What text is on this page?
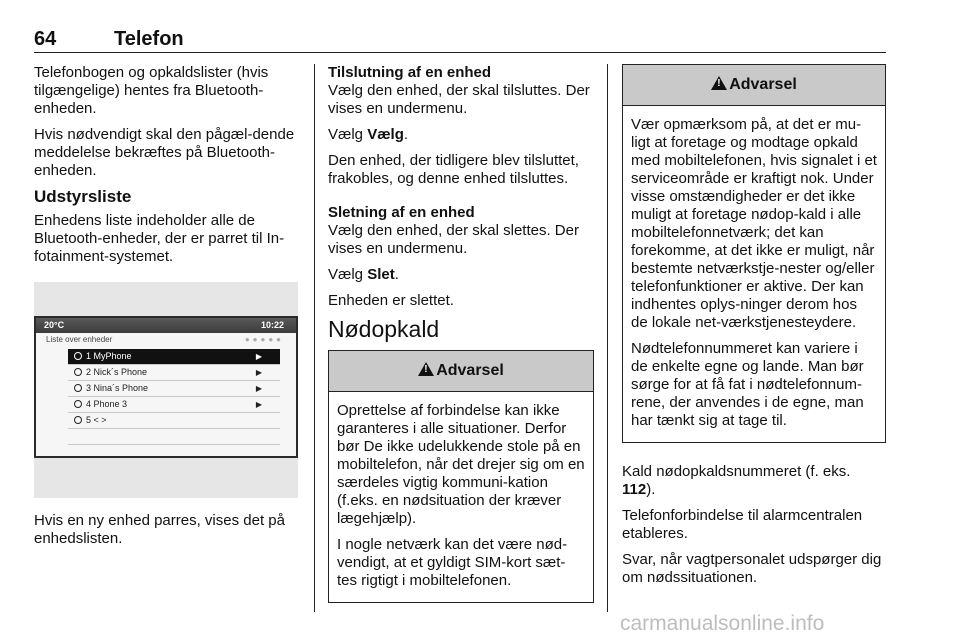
64	Telefon

Telefonbogen og opkaldslister (hvis tilgængelige) hentes fra Bluetooth-enheden.

Hvis nødvendigt skal den pågæl-dende meddelelse bekræftes på Bluetooth-enheden.

Udstyrsliste

Enhedens liste indeholder alle de Bluetooth-enheder, der er parret til In-fotainment-systemet.

20°C	10:22
Liste over enheder	●●●●●
1 MyPhone	▶
2 Nick´s Phone	▶
3 Nina´s Phone	▶
4 Phone 3	▶
5 < >

Hvis en ny enhed parres, vises det på enhedslisten.

Tilslutning af en enhed

Vælg den enhed, der skal tilsluttes. Der vises en undermenu.

Vælg Vælg.

Den enhed, der tidligere blev tilsluttet, frakobles, og denne enhed tilsluttes.

Sletning af en enhed

Vælg den enhed, der skal slettes. Der vises en undermenu.

Vælg Slet.

Enheden er slettet.

Nødopkald
!Advarsel

Oprettelse af forbindelse kan ikke garanteres i alle situationer. Derfor bør De ikke udelukkende stole på en mobiltelefon, når det drejer sig om en særdeles vigtig kommuni-kation (f.eks. en nødsituation der kræver lægehjælp).

I nogle netværk kan det være nød-vendigt, at et gyldigt SIM-kort sæt-tes rigtigt i mobiltelefonen.

!Advarsel

Vær opmærksom på, at det er mu-ligt at foretage og modtage opkald med mobiltelefonen, hvis signalet i et serviceområde er kraftigt nok. Under visse omstændigheder er det ikke muligt at foretage nødop-kald i alle mobiltelefonnetværk; det kan forekomme, at det ikke er muligt, når bestemte netværkstje-nester og/eller telefonfunktioner er aktive. Der kan indhentes oplys-ninger derom hos de lokale net-værkstjenesteydere.

Nødtelefonnummeret kan variere i de enkelte egne og lande. Man bør sørge for at få fat i nødtelefonnum-rene, der anvendes i de egne, man har tænkt sig at tage til.

Kald nødopkaldsnummeret (f. eks. 112).

Telefonforbindelse til alarmcentralen etableres.

Svar, når vagtpersonalet udspørger dig om nødssituationen.

carmanualsonline.info
